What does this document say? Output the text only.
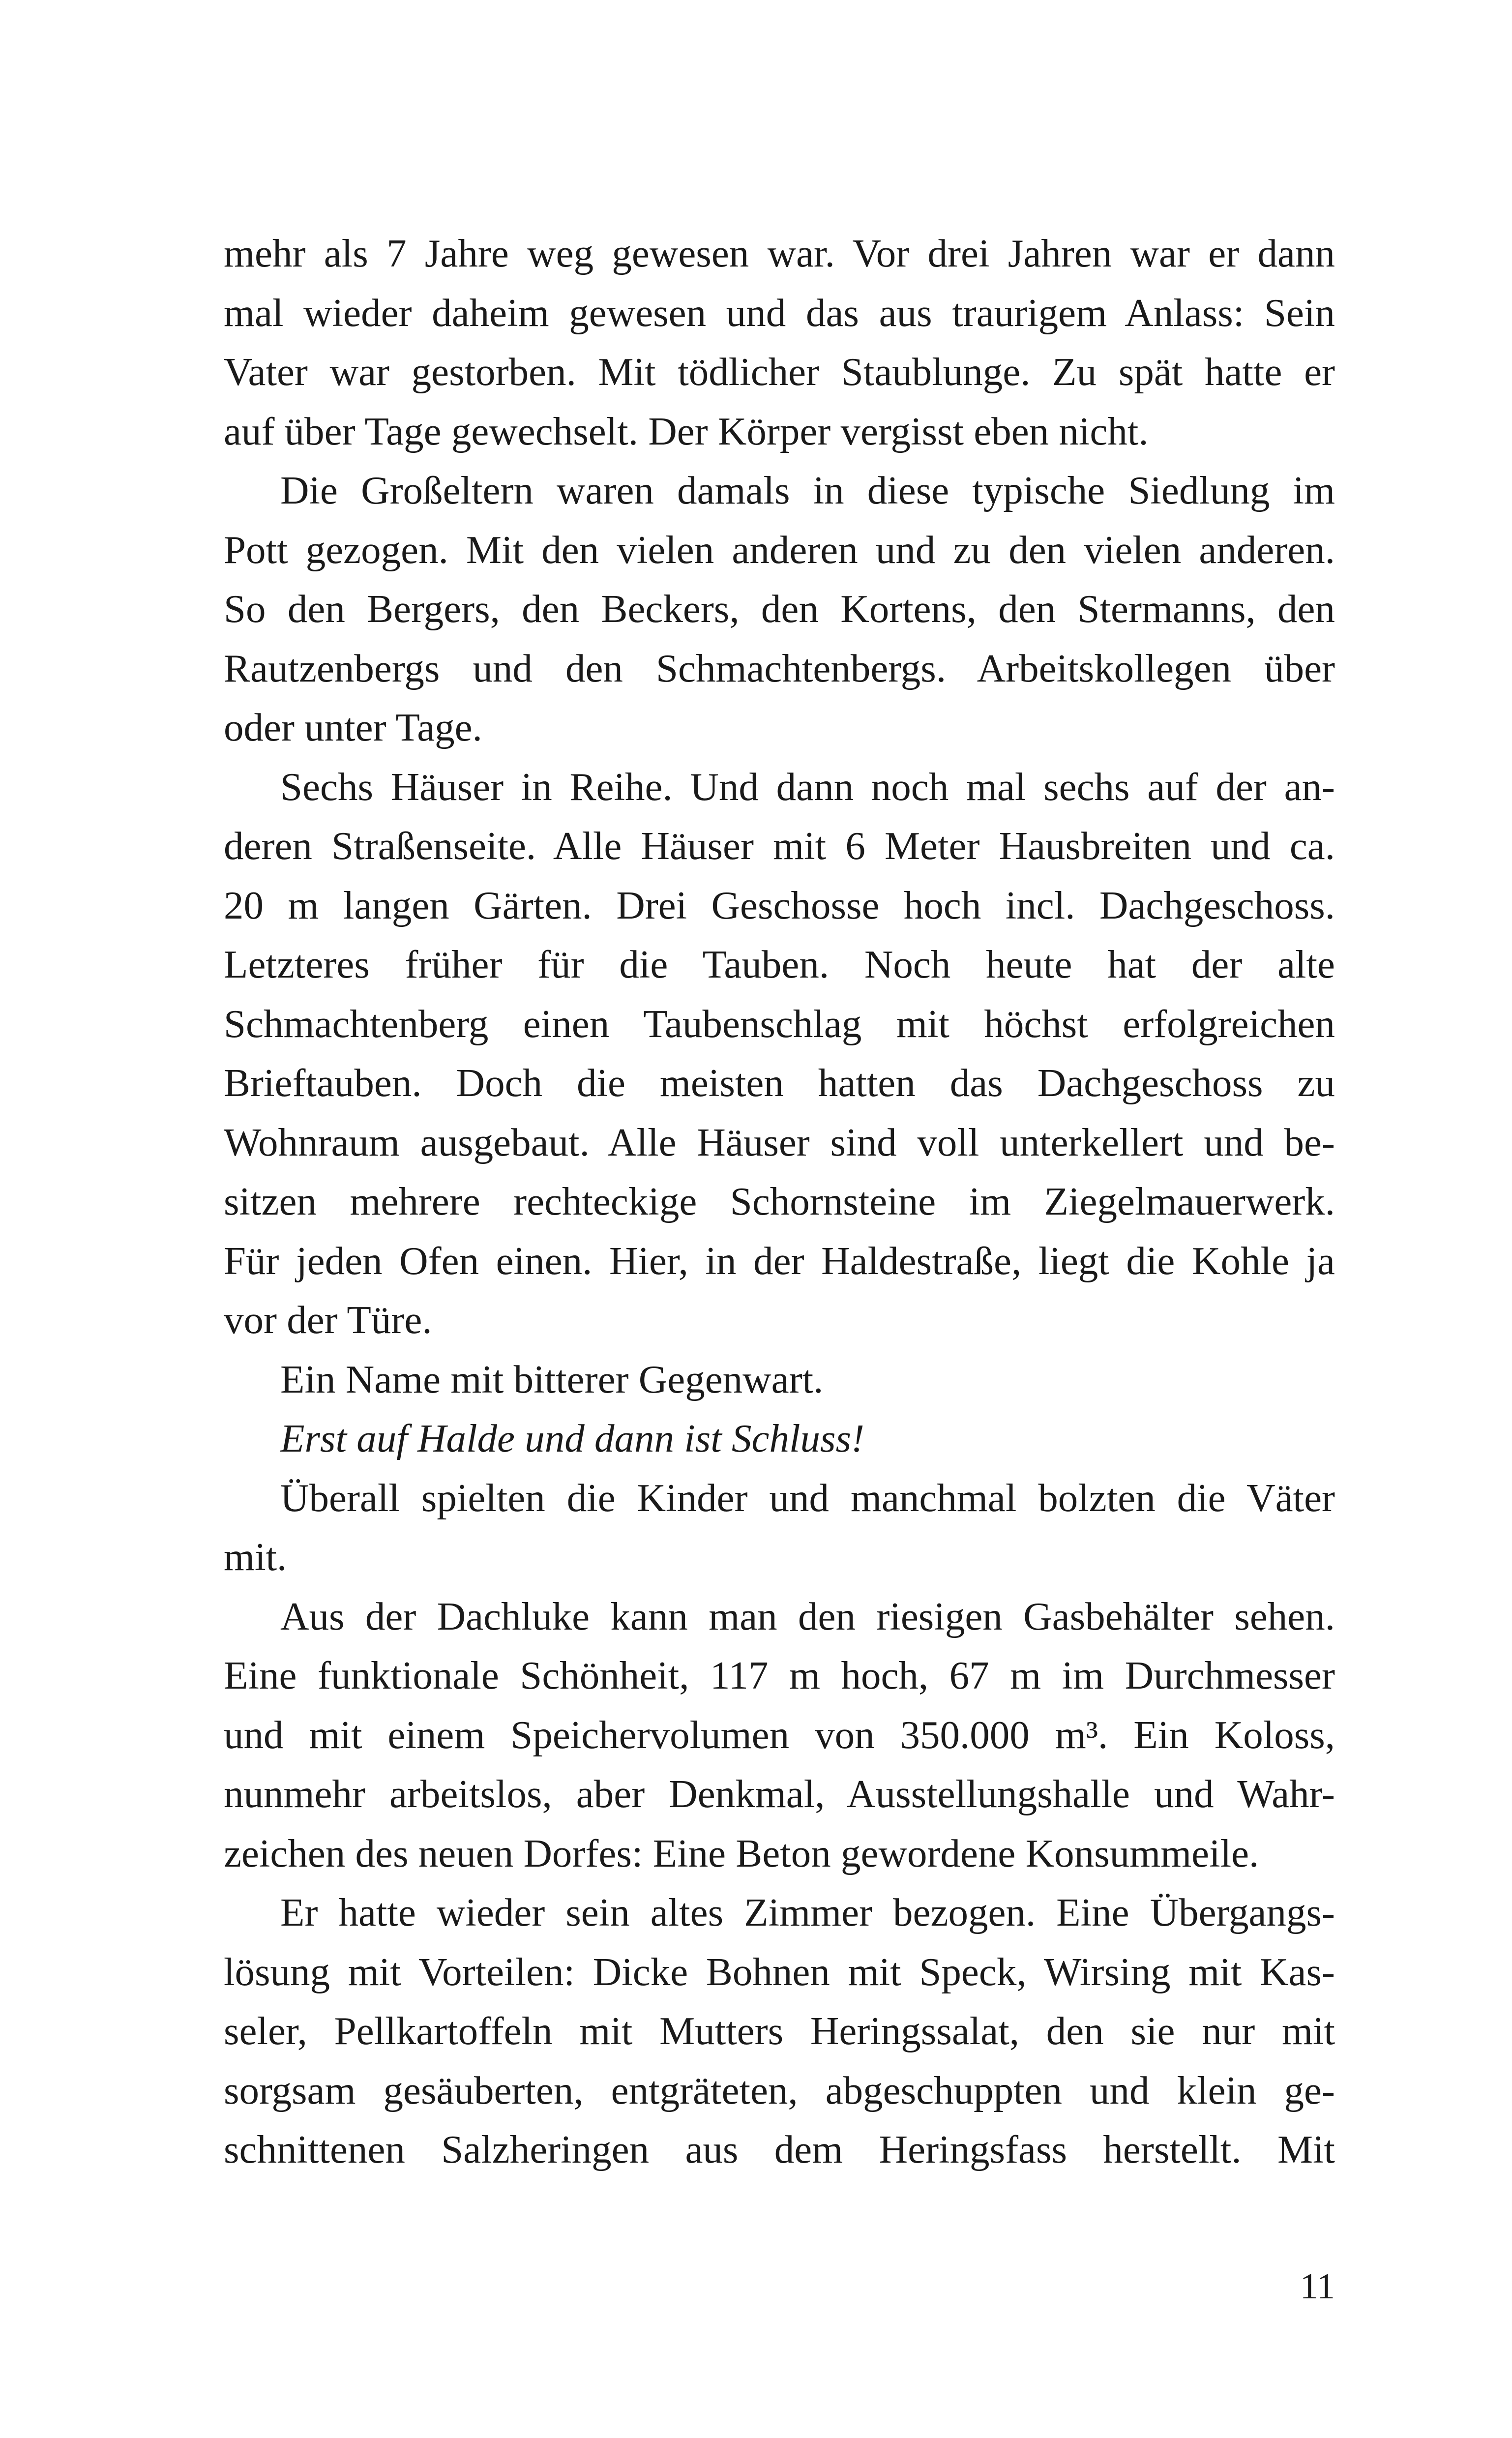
mehr als 7 Jahre weg gewesen war. Vor drei Jahren war er dann
mal wieder daheim gewesen und das aus traurigem Anlass: Sein
Vater war gestorben. Mit tödlicher Staublunge. Zu spät hatte er
auf über Tage gewechselt. Der Körper vergisst eben nicht.
Die Großeltern waren damals in diese typische Siedlung im
Pott gezogen. Mit den vielen anderen und zu den vielen anderen.
So den Bergers, den Beckers, den Kortens, den Stermanns, den
Rautzenbergs und den Schmachtenbergs. Arbeitskollegen über
oder unter Tage.
Sechs Häuser in Reihe. Und dann noch mal sechs auf der an-
deren Straßenseite. Alle Häuser mit 6 Meter Hausbreiten und ca.
20 m langen Gärten. Drei Geschosse hoch incl. Dachgeschoss.
Letzteres früher für die Tauben. Noch heute hat der alte
Schmachtenberg einen Taubenschlag mit höchst erfolgreichen
Brieftauben. Doch die meisten hatten das Dachgeschoss zu
Wohnraum ausgebaut. Alle Häuser sind voll unterkellert und be-
sitzen mehrere rechteckige Schornsteine im Ziegelmauerwerk.
Für jeden Ofen einen. Hier, in der Haldestraße, liegt die Kohle ja
vor der Türe.
Ein Name mit bitterer Gegenwart.
Erst auf Halde und dann ist Schluss!
Überall spielten die Kinder und manchmal bolzten die Väter
mit.
Aus der Dachluke kann man den riesigen Gasbehälter sehen.
Eine funktionale Schönheit, 117 m hoch, 67 m im Durchmesser
und mit einem Speichervolumen von 350.000 m³. Ein Koloss,
nunmehr arbeitslos, aber Denkmal, Ausstellungshalle und Wahr-
zeichen des neuen Dorfes: Eine Beton gewordene Konsummeile.
Er hatte wieder sein altes Zimmer bezogen. Eine Übergangs-
lösung mit Vorteilen: Dicke Bohnen mit Speck, Wirsing mit Kas-
seler, Pellkartoffeln mit Mutters Heringssalat, den sie nur mit
sorgsam gesäuberten, entgräteten, abgeschuppten und klein ge-
schnittenen Salzheringen aus dem Heringsfass herstellt. Mit
11
